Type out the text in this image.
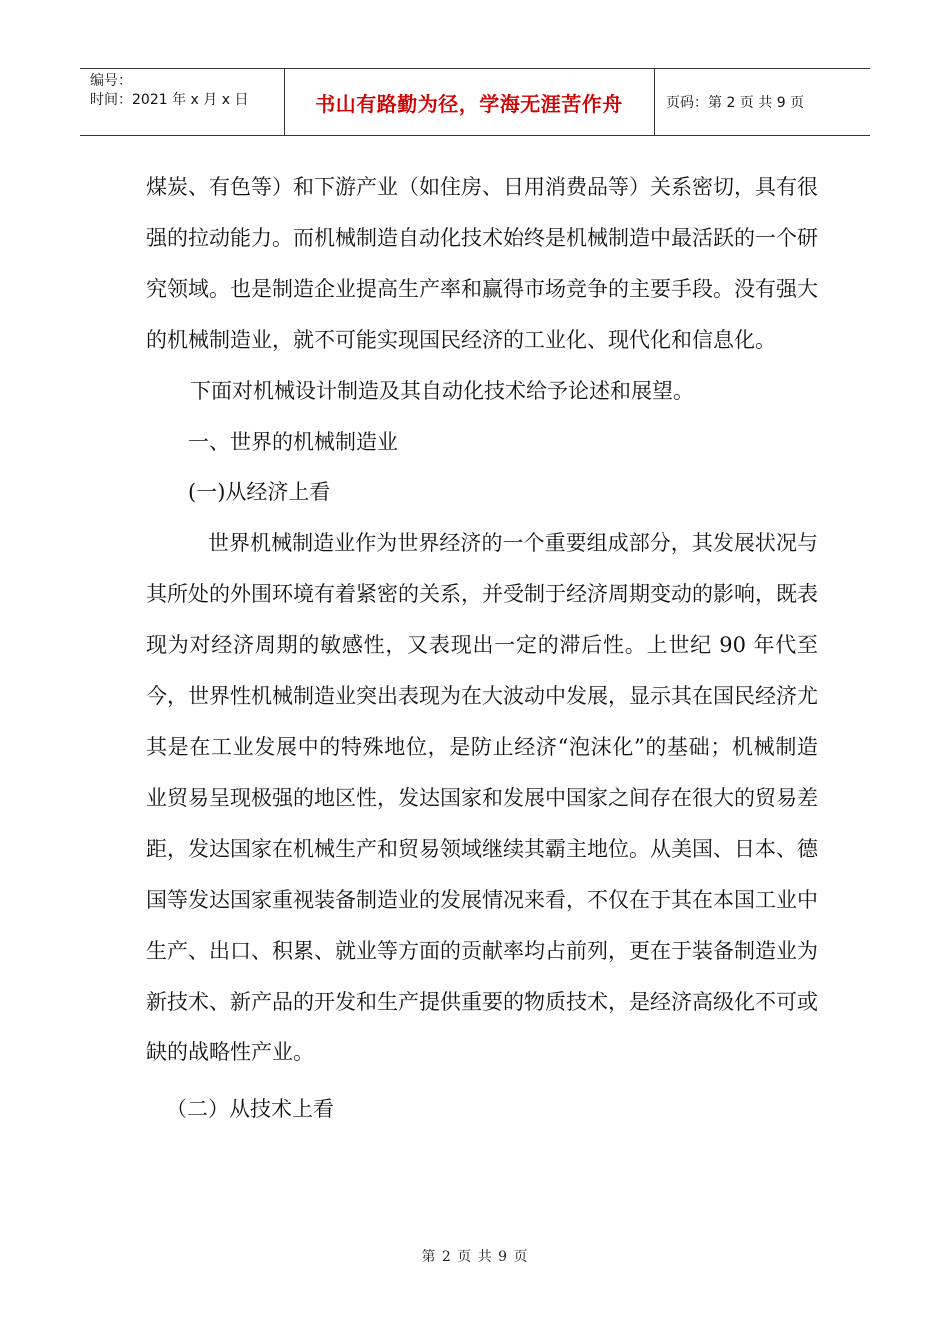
编号：
时间：2021 年 x 月 x 日	书山有路勤为径，学海无涯苦作舟	页码：第 2 页 共 9 页

煤炭、有色等）和下游产业（如住房、日用消费品等）关系密切，具有很强的拉动能力。而机械制造自动化技术始终是机械制造中最活跃的一个研究领域。也是制造企业提高生产率和赢得市场竞争的主要手段。没有强大的机械制造业，就不可能实现国民经济的工业化、现代化和信息化。

下面对机械设计制造及其自动化技术给予论述和展望。

一、世界的机械制造业

(一)从经济上看

世界机械制造业作为世界经济的一个重要组成部分，其发展状况与其所处的外围环境有着紧密的关系，并受制于经济周期变动的影响，既表现为对经济周期的敏感性，又表现出一定的滞后性。上世纪 90 年代至今，世界性机械制造业突出表现为在大波动中发展，显示其在国民经济尤其是在工业发展中的特殊地位，是防止经济“泡沫化”的基础；机械制造业贸易呈现极强的地区性，发达国家和发展中国家之间存在很大的贸易差距，发达国家在机械生产和贸易领域继续其霸主地位。从美国、日本、德国等发达国家重视装备制造业的发展情况来看，不仅在于其在本国工业中生产、出口、积累、就业等方面的贡献率均占前列，更在于装备制造业为新技术、新产品的开发和生产提供重要的物质技术，是经济高级化不可或缺的战略性产业。

（二）从技术上看

第 2 页 共 9 页
